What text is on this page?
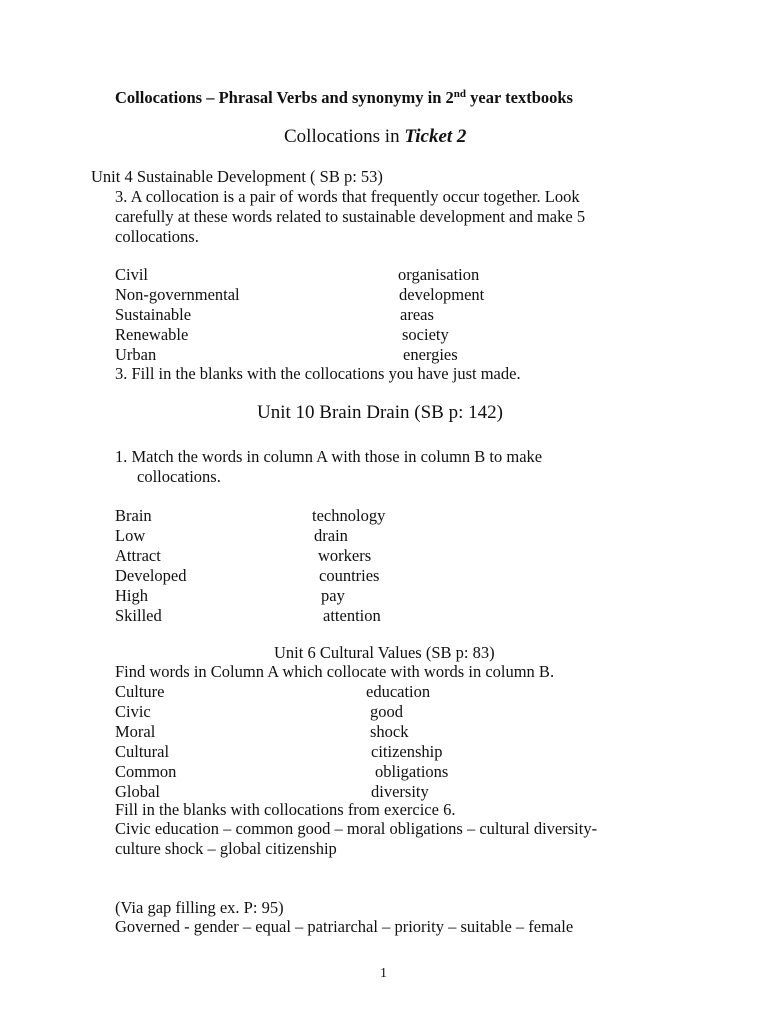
Collocations – Phrasal Verbs and synonymy in 2nd year textbooks
Collocations in Ticket 2
Unit 4 Sustainable Development ( SB p: 53)
3. A collocation is a pair of words that frequently occur together. Look
carefully at these words related to sustainable development and make 5
collocations.
Civil
Non-governmental
Sustainable
Renewable
Urban
organisation
development
areas
society
energies
3. Fill in the blanks with the collocations you have just made.
Unit 10 Brain Drain (SB p: 142)
1. Match the words in column A with those in column B to make
collocations.
Brain
Low
Attract
Developed
High
Skilled
technology
drain
workers
countries
pay
attention
Unit 6 Cultural Values (SB p: 83)
Find words in Column A which collocate with words in column B.
Culture
Civic
Moral
Cultural
Common
Global
education
good
shock
citizenship
obligations
diversity
Fill in the blanks with collocations from exercice 6.
Civic education – common good – moral obligations – cultural diversity-
culture shock – global citizenship
(Via gap filling ex. P: 95)
Governed - gender – equal – patriarchal – priority – suitable – female
1
